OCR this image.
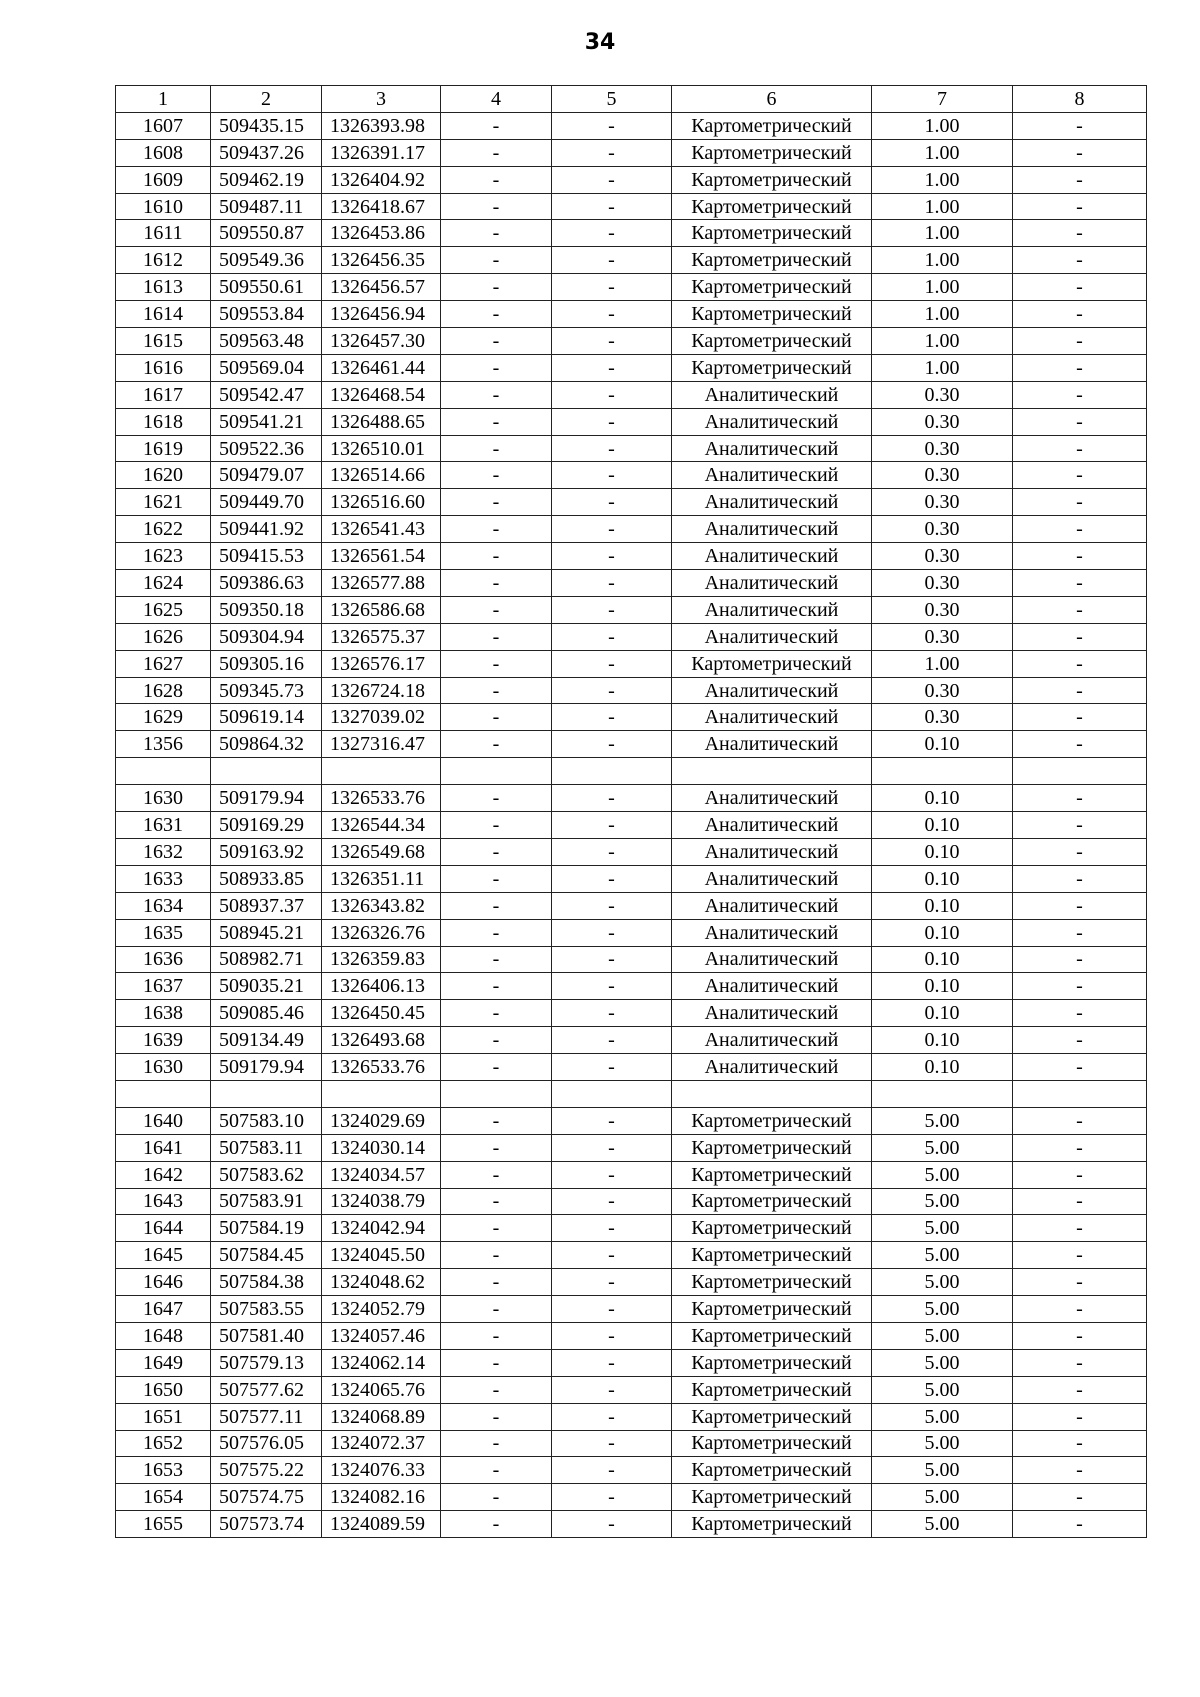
34
1	2	3	4	5	6	7	8
1607	509435.15	1326393.98	-	-	Картометрический	1.00	-
1608	509437.26	1326391.17	-	-	Картометрический	1.00	-
1609	509462.19	1326404.92	-	-	Картометрический	1.00	-
1610	509487.11	1326418.67	-	-	Картометрический	1.00	-
1611	509550.87	1326453.86	-	-	Картометрический	1.00	-
1612	509549.36	1326456.35	-	-	Картометрический	1.00	-
1613	509550.61	1326456.57	-	-	Картометрический	1.00	-
1614	509553.84	1326456.94	-	-	Картометрический	1.00	-
1615	509563.48	1326457.30	-	-	Картометрический	1.00	-
1616	509569.04	1326461.44	-	-	Картометрический	1.00	-
1617	509542.47	1326468.54	-	-	Аналитический	0.30	-
1618	509541.21	1326488.65	-	-	Аналитический	0.30	-
1619	509522.36	1326510.01	-	-	Аналитический	0.30	-
1620	509479.07	1326514.66	-	-	Аналитический	0.30	-
1621	509449.70	1326516.60	-	-	Аналитический	0.30	-
1622	509441.92	1326541.43	-	-	Аналитический	0.30	-
1623	509415.53	1326561.54	-	-	Аналитический	0.30	-
1624	509386.63	1326577.88	-	-	Аналитический	0.30	-
1625	509350.18	1326586.68	-	-	Аналитический	0.30	-
1626	509304.94	1326575.37	-	-	Аналитический	0.30	-
1627	509305.16	1326576.17	-	-	Картометрический	1.00	-
1628	509345.73	1326724.18	-	-	Аналитический	0.30	-
1629	509619.14	1327039.02	-	-	Аналитический	0.30	-
1356	509864.32	1327316.47	-	-	Аналитический	0.10	-

1630	509179.94	1326533.76	-	-	Аналитический	0.10	-
1631	509169.29	1326544.34	-	-	Аналитический	0.10	-
1632	509163.92	1326549.68	-	-	Аналитический	0.10	-
1633	508933.85	1326351.11	-	-	Аналитический	0.10	-
1634	508937.37	1326343.82	-	-	Аналитический	0.10	-
1635	508945.21	1326326.76	-	-	Аналитический	0.10	-
1636	508982.71	1326359.83	-	-	Аналитический	0.10	-
1637	509035.21	1326406.13	-	-	Аналитический	0.10	-
1638	509085.46	1326450.45	-	-	Аналитический	0.10	-
1639	509134.49	1326493.68	-	-	Аналитический	0.10	-
1630	509179.94	1326533.76	-	-	Аналитический	0.10	-

1640	507583.10	1324029.69	-	-	Картометрический	5.00	-
1641	507583.11	1324030.14	-	-	Картометрический	5.00	-
1642	507583.62	1324034.57	-	-	Картометрический	5.00	-
1643	507583.91	1324038.79	-	-	Картометрический	5.00	-
1644	507584.19	1324042.94	-	-	Картометрический	5.00	-
1645	507584.45	1324045.50	-	-	Картометрический	5.00	-
1646	507584.38	1324048.62	-	-	Картометрический	5.00	-
1647	507583.55	1324052.79	-	-	Картометрический	5.00	-
1648	507581.40	1324057.46	-	-	Картометрический	5.00	-
1649	507579.13	1324062.14	-	-	Картометрический	5.00	-
1650	507577.62	1324065.76	-	-	Картометрический	5.00	-
1651	507577.11	1324068.89	-	-	Картометрический	5.00	-
1652	507576.05	1324072.37	-	-	Картометрический	5.00	-
1653	507575.22	1324076.33	-	-	Картометрический	5.00	-
1654	507574.75	1324082.16	-	-	Картометрический	5.00	-
1655	507573.74	1324089.59	-	-	Картометрический	5.00	-
